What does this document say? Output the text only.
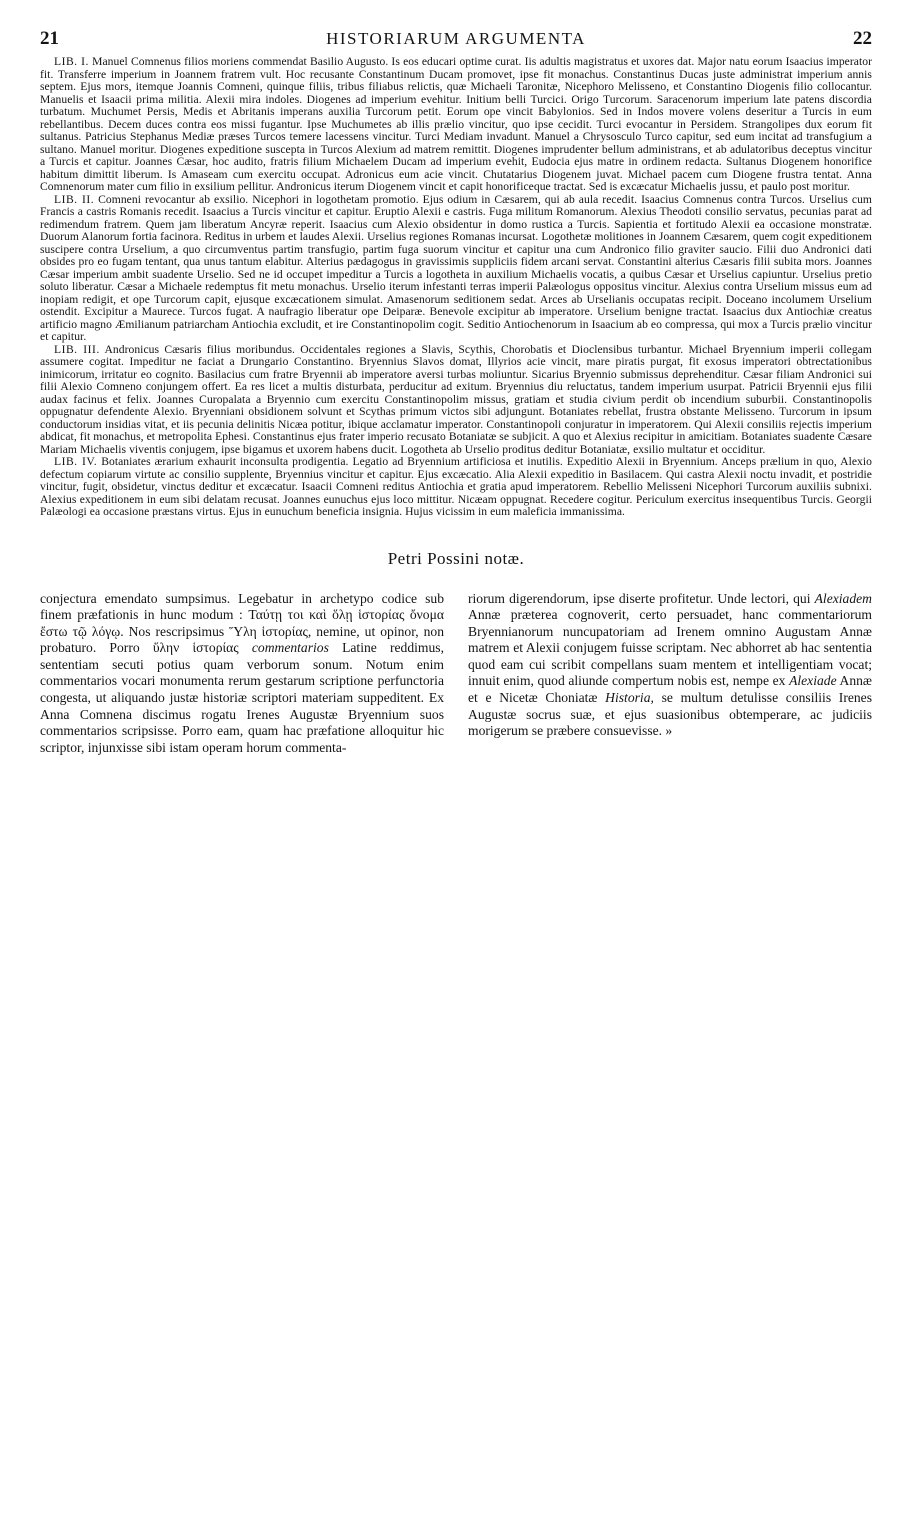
21	HISTORIARUM ARGUMENTA	22

LIB. I. Manuel Comnenus filios moriens commendat Basilio Augusto. Is eos educari optime curat. Iis adultis magistratus et uxores dat. Major natu eorum Isaacius imperator fit. Transferre imperium in Joannem fratrem vult. Hoc recusante Constantinum Ducam promovet, ipse fit monachus. Constantinus Ducas juste administrat imperium annis septem. Ejus mors, itemque Joannis Comneni, quinque filiis, tribus filiabus relictis, quæ Michaeli Taronitæ, Nicephoro Melisseno, et Constantino Diogenis filio collocantur. Manuelis et Isaacii prima militia. Alexii mira indoles. Diogenes ad imperium evehitur. Initium belli Turcici. Origo Turcorum. Saracenorum imperium late patens discordia turbatum. Muchumet Persis, Medis et Abritanis imperans auxilia Turcorum petit. Eorum ope vincit Babylonios. Sed in Indos movere volens deseritur a Turcis in eum rebellantibus. Decem duces contra eos missi fugantur. Ipse Muchumetes ab illis prælio vincitur, quo ipse cecidit. Turci evocantur in Persidem. Strangolipes dux eorum fit sultanus. Patricius Stephanus Mediæ præses Turcos temere lacessens vincitur. Turci Mediam invadunt. Manuel a Chrysosculo Turco capitur, sed eum incitat ad transfugium a sultano. Manuel moritur. Diogenes expeditione suscepta in Turcos Alexium ad matrem remittit. Diogenes imprudenter bellum administrans, et ab adulatoribus deceptus vincitur a Turcis et capitur. Joannes Cæsar, hoc audito, fratris filium Michaelem Ducam ad imperium evehit, Eudocia ejus matre in ordinem redacta. Sultanus Diogenem honorifice habitum dimittit liberum. Is Amaseam cum exercitu occupat. Adronicus eum acie vincit. Chutatarius Diogenem juvat. Michael pacem cum Diogene frustra tentat. Anna Comnenorum mater cum filio in exsilium pellitur. Andronicus iterum Diogenem vincit et capit honorificeque tractat. Sed is excæcatur Michaelis jussu, et paulo post moritur.

LIB. II. Comneni revocantur ab exsilio. Nicephori in logothetam promotio. Ejus odium in Cæsarem, qui ab aula recedit. Isaacius Comnenus contra Turcos. Urselius cum Francis a castris Romanis recedit. Isaacius a Turcis vincitur et capitur. Eruptio Alexii e castris. Fuga militum Romanorum. Alexius Theodoti consilio servatus, pecunias parat ad redimendum fratrem. Quem jam liberatum Ancyræ reperit. Isaacius cum Alexio obsidentur in domo rustica a Turcis. Sapientia et fortitudo Alexii ea occasione monstratæ. Duorum Alanorum fortia facinora. Reditus in urbem et laudes Alexii. Urselius regiones Romanas incursat. Logothetæ molitiones in Joannem Cæsarem, quem cogit expeditionem suscipere contra Urselium, a quo circumventus partim transfugio, partim fuga suorum vincitur et capitur una cum Andronico filio graviter saucio. Filii duo Andronici dati obsides pro eo fugam tentant, qua unus tantum elabitur. Alterius pædagogus in gravissimis suppliciis fidem arcani servat. Constantini alterius Cæsaris filii subita mors. Joannes Cæsar imperium ambit suadente Urselio. Sed ne id occupet impeditur a Turcis a logotheta in auxilium Michaelis vocatis, a quibus Cæsar et Urselius capiuntur. Urselius pretio soluto liberatur. Cæsar a Michaele redemptus fit metu monachus. Urselio iterum infestanti terras imperii Palæologus oppositus vincitur. Alexius contra Urselium missus eum ad inopiam redigit, et ope Turcorum capit, ejusque excæcationem simulat. Amasenorum seditionem sedat. Arces ab Urselianis occupatas recipit. Doceano incolumem Urselium ostendit. Excipitur a Maurece. Turcos fugat. A naufragio liberatur ope Deiparæ. Benevole excipitur ab imperatore. Urselium benigne tractat. Isaacius dux Antiochiæ creatus artificio magno Æmilianum patriarcham Antiochia excludit, et ire Constantinopolim cogit. Seditio Antiochenorum in Isaacium ab eo compressa, qui mox a Turcis prælio vincitur et capitur.

LIB. III. Andronicus Cæsaris filius moribundus. Occidentales regiones a Slavis, Scythis, Chorobatis et Dioclensibus turbantur. Michael Bryennium imperii collegam assumere cogitat. Impeditur ne faciat a Drungario Constantino. Bryennius Slavos domat, Illyrios acie vincit, mare piratis purgat, fit exosus imperatori obtrectationibus inimicorum, irritatur eo cognito. Basilacius cum fratre Bryennii ab imperatore aversi turbas moliuntur. Sicarius Bryennio submissus deprehenditur. Cæsar filiam Andronici sui filii Alexio Comneno conjungem offert. Ea res licet a multis disturbata, perducitur ad exitum. Bryennius diu reluctatus, tandem imperium usurpat. Patricii Bryennii ejus filii audax facinus et felix. Joannes Curopalata a Bryennio cum exercitu Constantinopolim missus, gratiam et studia civium perdit ob incendium suburbii. Constantinopolis oppugnatur defendente Alexio. Bryenniani obsidionem solvunt et Scythas primum victos sibi adjungunt. Botaniates rebellat, frustra obstante Melisseno. Turcorum in ipsum conductorum insidias vitat, et iis pecunia delinitis Nicæa potitur, ibique acclamatur imperator. Constantinopoli conjuratur in imperatorem. Qui Alexii consiliis rejectis imperium abdicat, fit monachus, et metropolita Ephesi. Constantinus ejus frater imperio recusato Botaniatæ se subjicit. A quo et Alexius recipitur in amicitiam. Botaniates suadente Cæsare Mariam Michaelis viventis conjugem, ipse bigamus et uxorem habens ducit. Logotheta ab Urselio proditus deditur Botaniatæ, exsilio multatur et occiditur.

LIB. IV. Botaniates ærarium exhaurit inconsulta prodigentia. Legatio ad Bryennium artificiosa et inutilis. Expeditio Alexii in Bryennium. Anceps prælium in quo, Alexio defectum copiarum virtute ac consilio supplente, Bryennius vincitur et capitur. Ejus excæcatio. Alia Alexii expeditio in Basilacem. Qui castra Alexii noctu invadit, et postridie vincitur, fugit, obsidetur, vinctus deditur et excæcatur. Isaacii Comneni reditus Antiochia et gratia apud imperatorem. Rebellio Melisseni Nicephori Turcorum auxiliis subnixi. Alexius expeditionem in eum sibi delatam recusat. Joannes eunuchus ejus loco mittitur. Nicæam oppugnat. Recedere cogitur. Periculum exercitus insequentibus Turcis. Georgii Palæologi ea occasione præstans virtus. Ejus in eunuchum beneficia insignia. Hujus vicissim in eum maleficia immanissima.

Petri Possini notæ.

conjectura emendato sumpsimus. Legebatur in archetypo codice sub finem præfationis in hunc modum : Ταύτῃ τοι καὶ ὅλῃ ἱστορίας ὄνομα ἔστω τῷ λόγῳ. Nos rescripsimus Ὕλη ἱστορίας, nemine, ut opinor, non probaturo. Porro ὕλην ἱστορίας commentarios Latine reddimus, sententiam secuti potius quam verborum sonum. Notum enim commentarios vocari monumenta rerum gestarum scriptione perfunctoria congesta, ut aliquando justæ historiæ scriptori materiam suppeditent. Ex Anna Comnena discimus rogatu Irenes Augustæ Bryennium suos commentarios scripsisse. Porro eam, quam hac præfatione alloquitur hic scriptor, injunxisse sibi istam operam horum commenta-

riorum digerendorum, ipse diserte profitetur. Unde lectori, qui Alexiadem Annæ præterea cognoverit, certo persuadet, hanc commentariorum Bryennianorum nuncupatoriam ad Irenem omnino Augustam Annæ matrem et Alexii conjugem fuisse scriptam. Nec abhorret ab hac sententia quod eam cui scribit compellans suam mentem et intelligentiam vocat; innuit enim, quod aliunde compertum nobis est, nempe ex Alexiade Annæ et e Nicetæ Choniatæ Historia, se multum detulisse consiliis Irenes Augustæ socrus suæ, et ejus suasionibus obtemperare, ac judiciis morigerum se præbere consuevisse. »
